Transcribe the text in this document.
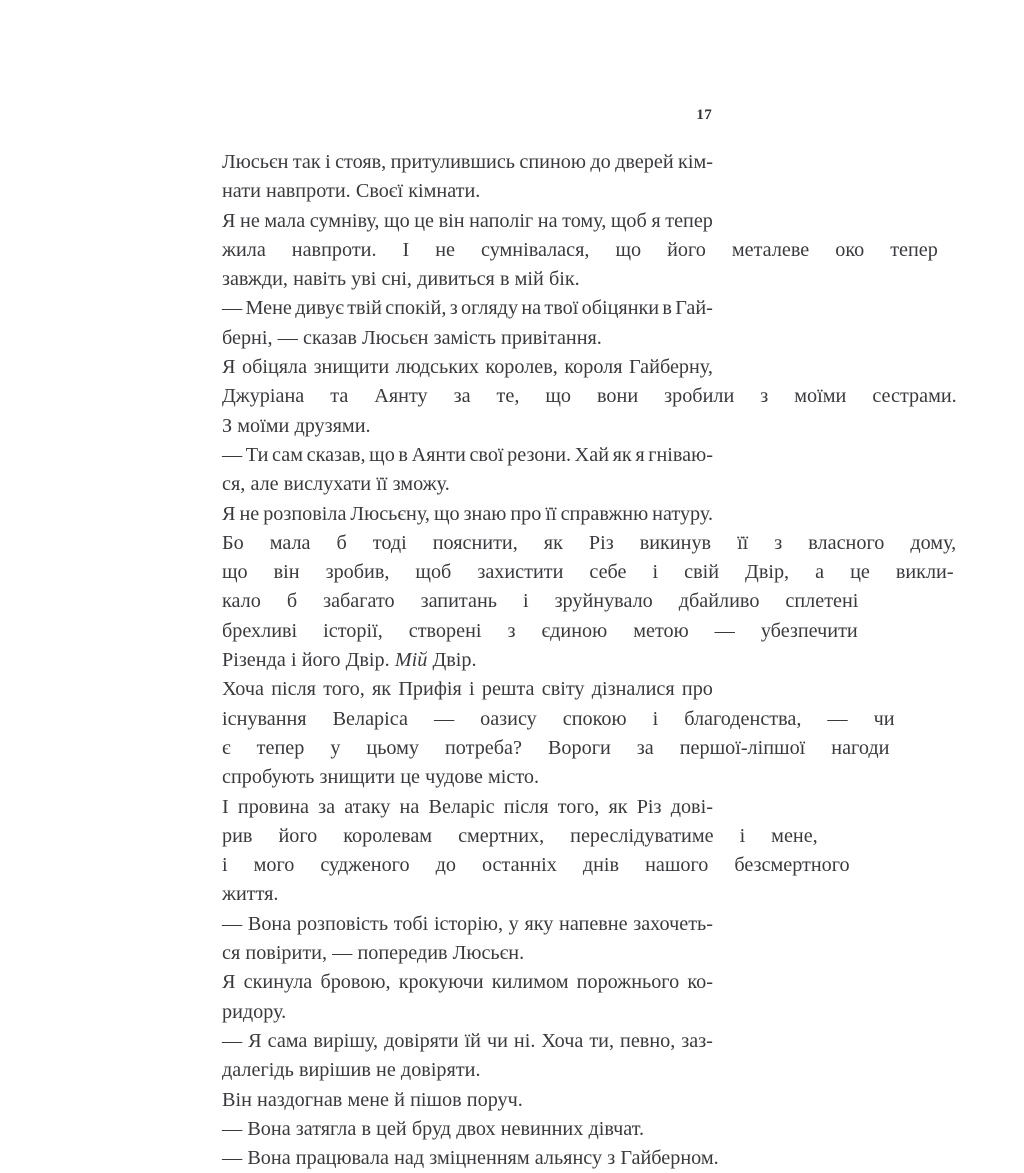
17

Люсьєн так і стояв, притулившись спиною до дверей кім-
нати навпроти. Своєї кімнати.

Я не мала сумніву, що це він наполіг на тому, щоб я тепер
жила	навпроти.	І	не	сумнівалася,	що	його	металеве	око	тепер
завжди, навіть уві сні, дивиться в мій бік.

— Мене дивує твій спокій, з огляду на твої обіцянки в Гай-
берні, — сказав Люсьєн замість привітання.

Я обіцяла знищити людських королев, короля Гайберну,
Джуріана	та	Аянту	за	те,	що	вони	зробили	з	моїми	сестрами.
З моїми друзями.

— Ти сам сказав, що в Аянти свої резони. Хай як я гніваю-
ся, але вислухати її зможу.

Я не розповіла Люсьєну, що знаю про її справжню натуру.
Бо	мала	б	тоді	пояснити,	як	Різ	викинув	її	з	власного	дому,
що	він	зробив,	щоб	захистити	себе	і	свій	Двір,	а	це	викли-
кало	б	забагато	запитань	і	зруйнувало	дбайливо	сплетені
брехливі	історії,	створені	з	єдиною	метою	—	убезпечити
Різенда і його Двір. Мій Двір.

Хоча після того, як Прифія і решта світу дізналися про
існування	Веларіса	—	оазису	спокою	і	благоденства,	—	чи
є	тепер	у	цьому	потреба?	Вороги	за	першої-ліпшої	нагоди
спробують знищити це чудове місто.

І провина за атаку на Веларіс після того, як Різ дові-
рив	його	королевам	смертних,	переслідуватиме	і	мене,
і	мого	судженого	до	останніх	днів	нашого	безсмертного
життя.

— Вона розповість тобі історію, у яку напевне захочеть-
ся повірити, — попередив Люсьєн.

Я скинула бровою, крокуючи килимом порожнього ко-
ридору.

— Я сама вирішу, довіряти їй чи ні. Хоча ти, певно, заз-
далегідь вирішив не довіряти.

Він наздогнав мене й пішов поруч.

— Вона затягла в цей бруд двох невинних дівчат.

— Вона працювала над зміцненням альянсу з Гайберном.
